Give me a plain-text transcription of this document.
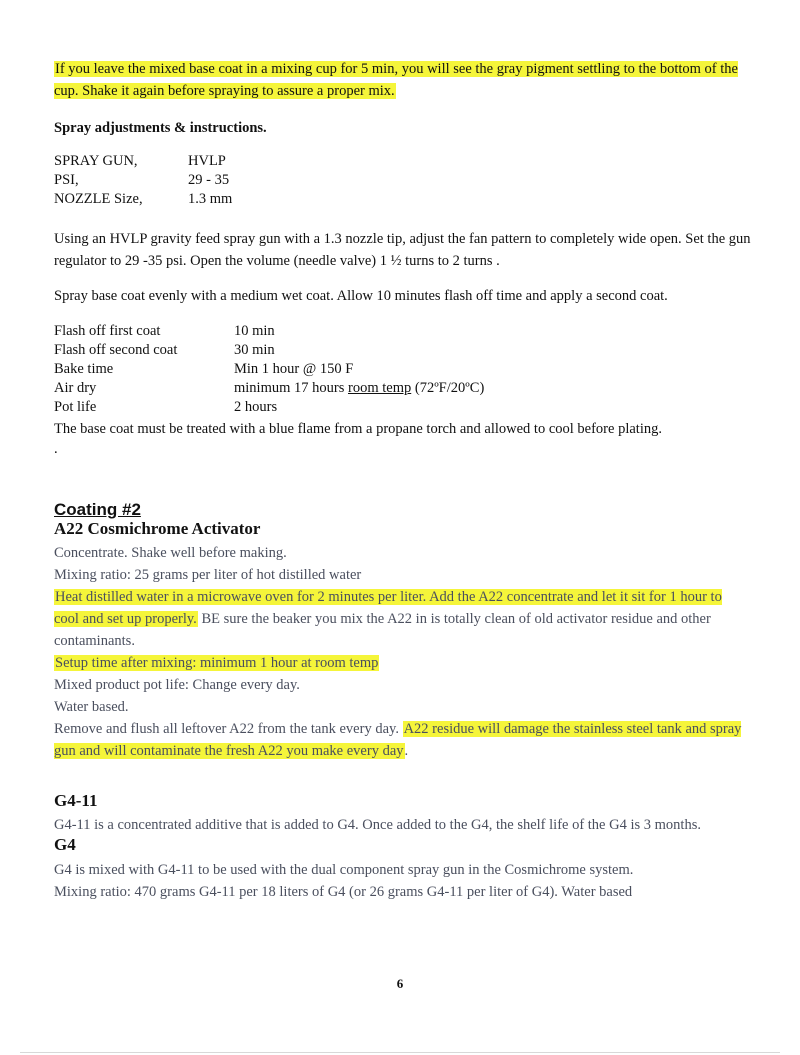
If you leave the mixed base coat in a mixing cup for 5 min, you will see the gray pigment settling to the bottom of the cup. Shake it again before spraying to assure a proper mix.

Spray adjustments & instructions.

SPRAY GUN,	HVLP
PSI,	29 - 35
NOZZLE Size,	1.3 mm

Using an HVLP gravity feed spray gun with a 1.3 nozzle tip, adjust the fan pattern to completely wide open. Set the gun regulator to 29 -35 psi. Open the volume (needle valve) 1 ½ turns to 2 turns .

Spray base coat evenly with a medium wet coat. Allow 10 minutes flash off time and apply a second coat.

Flash off first coat	10 min
Flash off second coat	30 min
Bake time	Min 1 hour @ 150 F
Air dry	minimum 17 hours room temp (72ºF/20ºC)
Pot life	2 hours

The base coat must be treated with a blue flame from a propane torch and allowed to cool before plating.

.

Coating #2

A22 Cosmichrome Activator

Concentrate. Shake well before making.

Mixing ratio: 25 grams per liter of hot distilled water

Heat distilled water in a microwave oven for 2 minutes per liter. Add the A22 concentrate and let it sit for 1 hour to cool and set up properly. BE sure the beaker you mix the A22 in is totally clean of old activator residue and other contaminants.

Setup time after mixing: minimum 1 hour at room temp

Mixed product pot life: Change every day.

Water based.

Remove and flush all leftover A22 from the tank every day. A22 residue will damage the stainless steel tank and spray gun and will contaminate the fresh A22 you make every day.

G4-11

G4-11 is a concentrated additive that is added to G4. Once added to the G4, the shelf life of the G4 is 3 months.

G4

G4 is mixed with G4-11 to be used with the dual component spray gun in the Cosmichrome system.

Mixing ratio: 470 grams G4-11 per 18 liters of G4 (or 26 grams G4-11 per liter of G4). Water based

6
